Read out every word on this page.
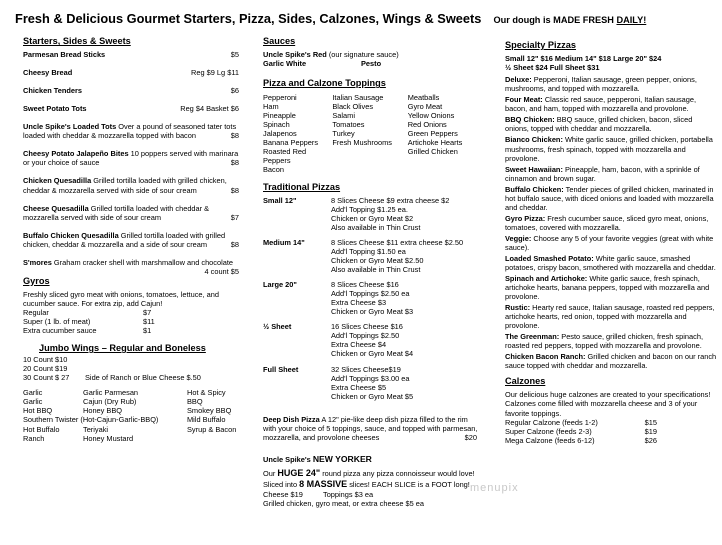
Fresh & Delicious Gourmet Starters, Pizza, Sides, Calzones, Wings & Sweets Our dough is MADE FRESH DAILY!
Starters, Sides & Sweets
Parmesan Bread Sticks	$5
Cheesy Bread	Reg $9 Lg $11
Chicken Tenders	$6
Sweet Potato Tots	Reg $4 Basket $6
Uncle Spike's Loaded Tots Over a pound of seasoned tater tots loaded with cheddar & mozzarella topped with bacon	$8
Cheesy Potato Jalapeño Bites 10 poppers served with marinara or your choice of sauce	$8
Chicken Quesadilla Grilled tortilla loaded with grilled chicken, cheddar & mozzarella served with side of sour cream	$8
Cheese Quesadilla Grilled tortilla loaded with cheddar & mozzarella served with side of sour cream	$7
Buffalo Chicken Quesadilla Grilled tortilla loaded with grilled chicken, cheddar & mozzarella and a side of sour cream	$8
S'mores Graham cracker shell with marshmallow and chocolate
4 count $5
Gyros
Freshly sliced gyro meat with onions, tomatoes, lettuce, and cucumber sauce. For extra zip, add Cajun!
Regular	$7
Super (1 lb. of meat)	$11
Extra cucumber sauce	$1
Jumbo Wings – Regular and Boneless
10 Count $10
20 Count $19
30 Count $ 27	Side of Ranch or Blue Cheese $.50
Garlic	Garlic Parmesan	Hot & Spicy
Garlic	Cajun (Dry Rub)	BBQ
Hot BBQ	Honey BBQ	Smokey BBQ
Southern Twister (Hot-Cajun-Garlic-BBQ)	Mild Buffalo
Hot Buffalo	Teriyaki	Syrup & Bacon
Ranch	Honey Mustard
Sauces
Uncle Spike's Red (our signature sauce)
Garlic White	Pesto
Pizza and Calzone Toppings
Pepperoni	Italian Sausage	Meatballs
Ham	Black Olives	Gyro Meat
Pineapple	Salami	Yellow Onions
Spinach	Tomatoes	Red Onions
Jalapenos	Turkey	Green Peppers
Banana Peppers	Fresh Mushrooms	Artichoke Hearts
Roasted Red Peppers		Grilled Chicken
Bacon		
Traditional Pizzas
Small 12"	8 Slices Cheese $9 extra cheese $2
Add'l Topping $1.25 ea.
Chicken or Gyro Meat $2
Also available in Thin Crust

Medium 14"	8 Slices Cheese $11 extra cheese $2.50
Add'l Topping $1.50 ea
Chicken or Gyro Meat $2.50
Also available in Thin Crust

Large 20"	8 Slices Cheese $16
Add'l Toppings $2.50 ea
Extra Cheese $3
Chicken or Gyro Meat $3

½ Sheet	16 Slices Cheese $16
Add'l Toppings $2.50
Extra Cheese $4
Chicken or Gyro Meat $4

Full Sheet	32 Slices Cheese$19
Add'l Toppings $3.00 ea
Extra Cheese $5
Chicken or Gyro Meat $5

Deep Dish Pizza A 12" pie-like deep dish pizza filled to the rim with your choice of 5 toppings, sauce, and topped with parmesan, mozzarella, and provolone cheeses	$20
Uncle Spike's NEW YORKER
Our HUGE 24" round pizza any pizza connoisseur would love! Sliced into 8 MASSIVE slices! EACH SLICE is a FOOT long!
Cheese $19	Toppings $3 ea
Grilled chicken, gyro meat, or extra cheese $5 ea
Specialty Pizzas
Small 12" $16 Medium 14" $18 Large 20" $24
½ Sheet $24 Full Sheet $31

Deluxe: Pepperoni, Italian sausage, green pepper, onions, mushrooms, and topped with mozzarella.

Four Meat: Classic red sauce, pepperoni, Italian sausage, bacon, and ham, topped with mozzarella and provolone.

BBQ Chicken: BBQ sauce, grilled chicken, bacon, sliced onions, topped with cheddar and mozzarella.

Bianco Chicken: White garlic sauce, grilled chicken, portabella mushrooms, fresh spinach, topped with mozzarella and provolone.

Sweet Hawaiian: Pineapple, ham, bacon, with a sprinkle of cinnamon and brown sugar.

Buffalo Chicken: Tender pieces of grilled chicken, marinated in hot buffalo sauce, with diced onions and loaded with mozzarella and cheddar.

Gyro Pizza: Fresh cucumber sauce, sliced gyro meat, onions, tomatoes, covered with mozzarella.

Veggie: Choose any 5 of your favorite veggies (great with white sauce).

Loaded Smashed Potato: White garlic sauce, smashed potatoes, crispy bacon, smothered with mozzarella and cheddar.

Spinach and Artichoke: White garlic sauce, fresh spinach, artichoke hearts, banana peppers, topped with mozzarella and provolone.

Rustic: Hearty red sauce, Italian sausage, roasted red peppers, artichoke hearts, red onion, topped with mozzarella and provolone.

The Greenman: Pesto sauce, grilled chicken, fresh spinach, roasted red peppers, topped with mozzarella and provolone.

Chicken Bacon Ranch: Grilled chicken and bacon on our ranch sauce topped with cheddar and mozzarella.

Calzones
Our delicious huge calzones are created to your specifications! Calzones come filled with mozzarella cheese and 3 of your favorite toppings.
Regular Calzone (feeds 1-2)	$15
Super Calzone (feeds 2-3)	$19
Mega Calzone (feeds 6-12)	$26
menupix
